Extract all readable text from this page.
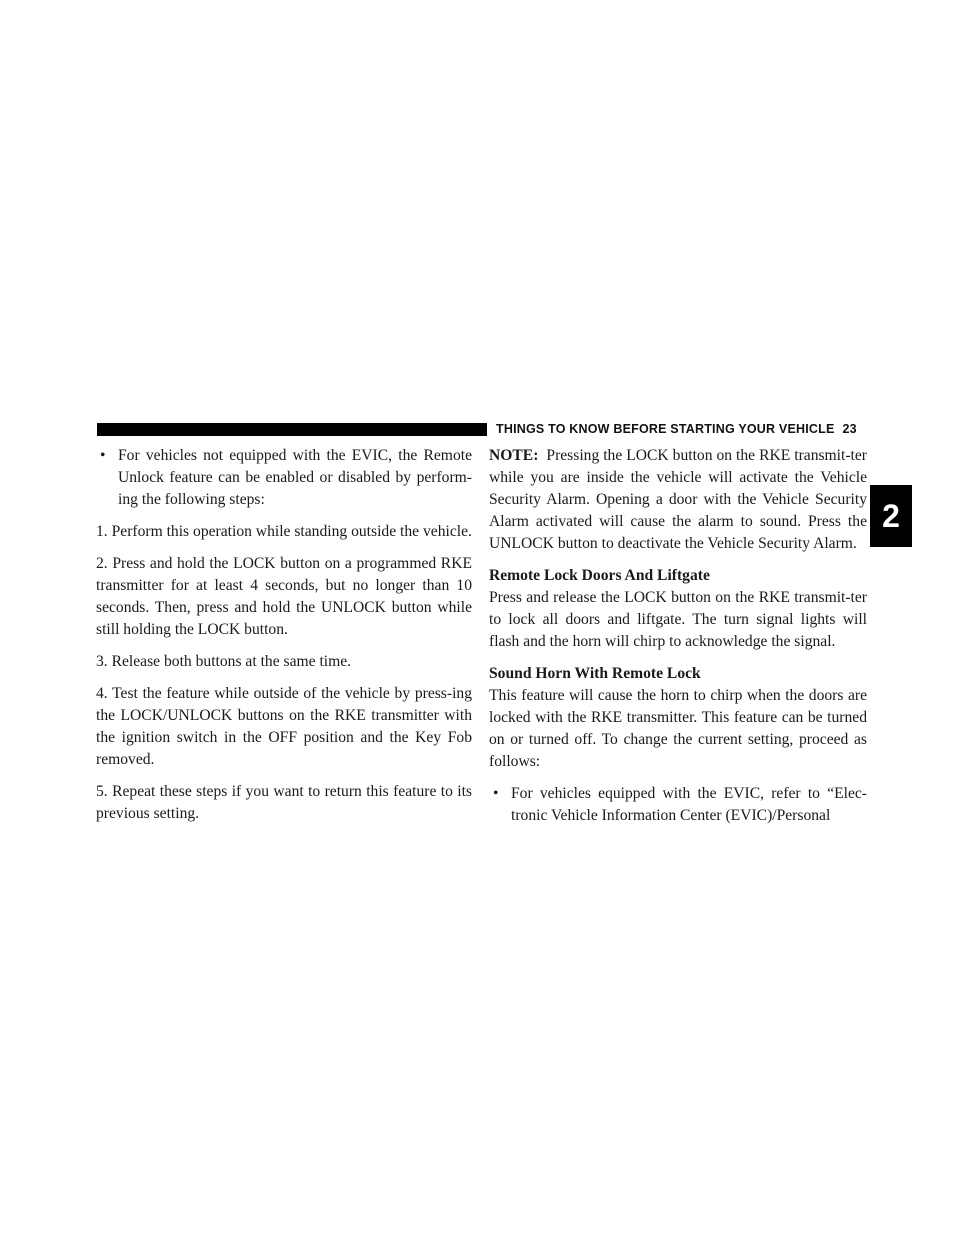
THINGS TO KNOW BEFORE STARTING YOUR VEHICLE 23
2
• For vehicles not equipped with the EVIC, the Remote Unlock feature can be enabled or disabled by perform-ing the following steps:

1. Perform this operation while standing outside the vehicle.

2. Press and hold the LOCK button on a programmed RKE transmitter for at least 4 seconds, but no longer than 10 seconds. Then, press and hold the UNLOCK button while still holding the LOCK button.

3. Release both buttons at the same time.

4. Test the feature while outside of the vehicle by press-ing the LOCK/UNLOCK buttons on the RKE transmitter with the ignition switch in the OFF position and the Key Fob removed.

5. Repeat these steps if you want to return this feature to its previous setting.

NOTE: Pressing the LOCK button on the RKE transmit-ter while you are inside the vehicle will activate the Vehicle Security Alarm. Opening a door with the Vehicle Security Alarm activated will cause the alarm to sound. Press the UNLOCK button to deactivate the Vehicle Security Alarm.

Remote Lock Doors And Liftgate

Press and release the LOCK button on the RKE transmit-ter to lock all doors and liftgate. The turn signal lights will flash and the horn will chirp to acknowledge the signal.

Sound Horn With Remote Lock

This feature will cause the horn to chirp when the doors are locked with the RKE transmitter. This feature can be turned on or turned off. To change the current setting, proceed as follows:

• For vehicles equipped with the EVIC, refer to “Elec-tronic Vehicle Information Center (EVIC)/Personal
